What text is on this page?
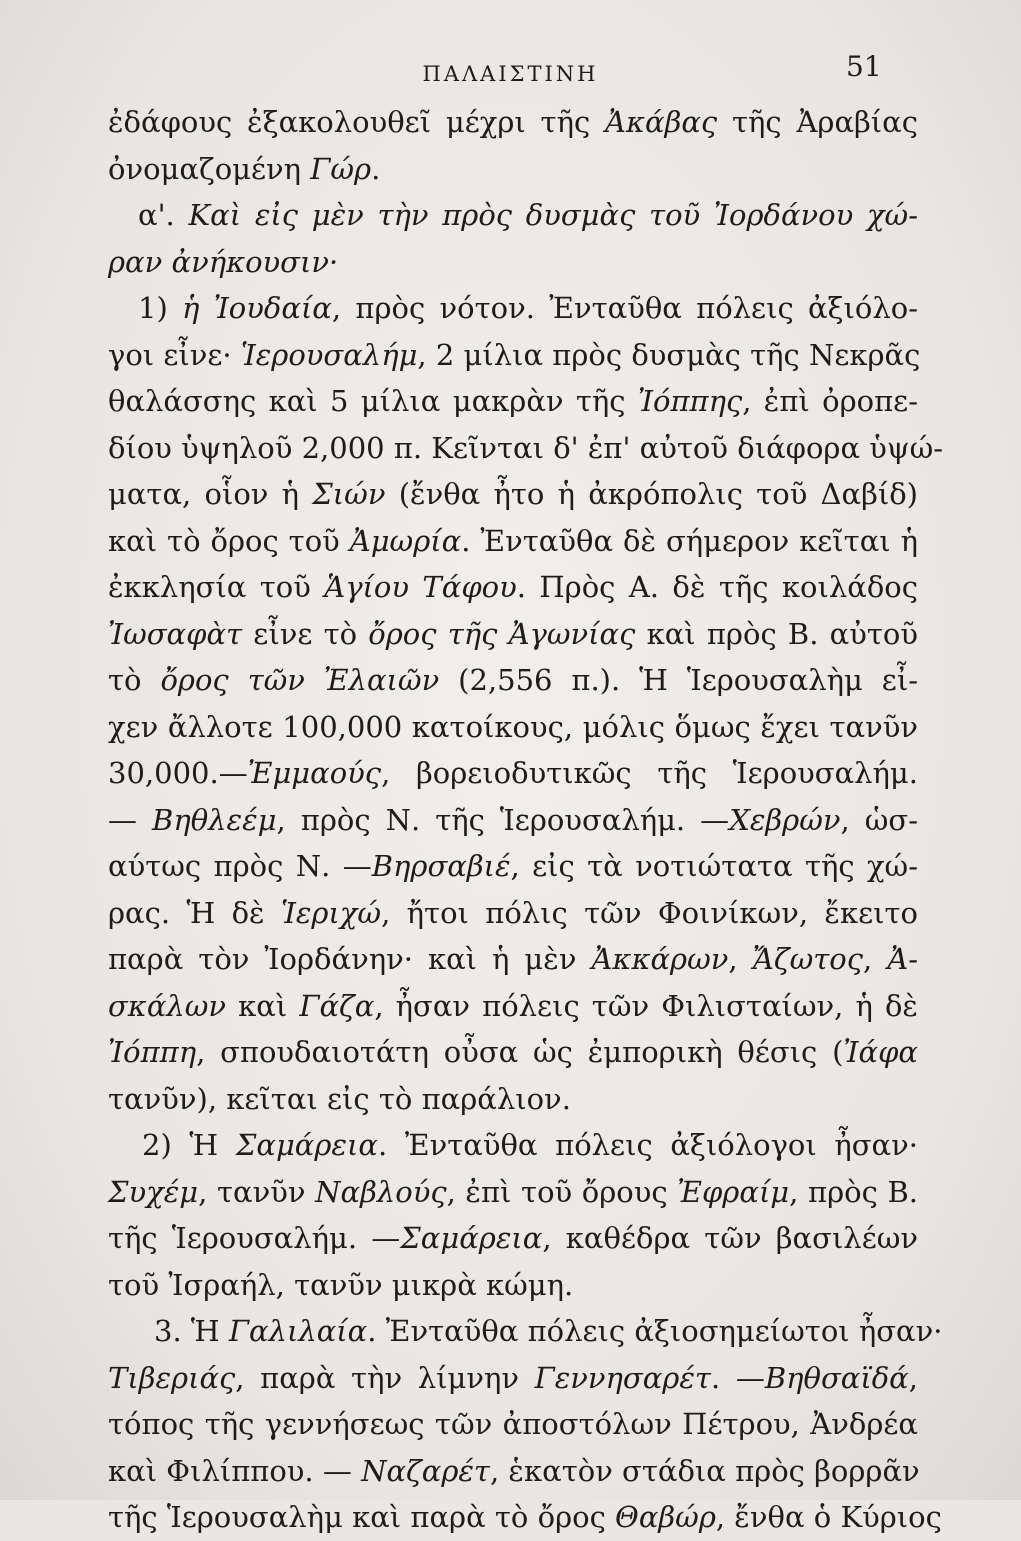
ΠΑΛΑΙΣΤΙΝΗ	51
ἐδάφους ἐξακολουθεῖ μέχρι τῆς Ἀκάβας τῆς Ἀραβίας
ὀνομαζομένη Γώρ.
α'. Καὶ εἰς μὲν τὴν πρὸς δυσμὰς τοῦ Ἰορδάνου χώ-
ραν ἀνήκουσιν·
1) ἡ Ἰουδαία, πρὸς νότον. Ἐνταῦθα πόλεις ἀξιόλο-
γοι εἶνε· Ἱερουσαλήμ, 2 μίλια πρὸς δυσμὰς τῆς Νεκρᾶς
θαλάσσης καὶ 5 μίλια μακρὰν τῆς Ἰόππης, ἐπὶ ὀροπε-
δίου ὑψηλοῦ 2,000 π. Κεῖνται δ' ἐπ' αὐτοῦ διάφορα ὑψώ-
ματα, οἷον ἡ Σιών (ἔνθα ἦτο ἡ ἀκρόπολις τοῦ Δαβίδ)
καὶ τὸ ὄρος τοῦ Ἀμωρία. Ἐνταῦθα δὲ σήμερον κεῖται ἡ
ἐκκλησία τοῦ Ἁγίου Τάφου. Πρὸς Α. δὲ τῆς κοιλάδος
Ἰωσαφὰτ εἶνε τὸ ὄρος τῆς Ἀγωνίας καὶ πρὸς Β. αὐτοῦ
τὸ ὄρος τῶν Ἐλαιῶν (2,556 π.). Ἡ Ἱερουσαλὴμ εἶ-
χεν ἄλλοτε 100,000 κατοίκους, μόλις ὅμως ἔχει τανῦν
30,000.—Ἐμμαούς, βορειοδυτικῶς τῆς Ἱερουσαλήμ.
— Βηθλεέμ, πρὸς Ν. τῆς Ἱερουσαλήμ. —Χεβρών, ὡσ-
αύτως πρὸς Ν. —Βηρσαβιέ, εἰς τὰ νοτιώτατα τῆς χώ-
ρας. Ἡ δὲ Ἱεριχώ, ἤτοι πόλις τῶν Φοινίκων, ἔκειτο
παρὰ τὸν Ἰορδάνην· καὶ ἡ μὲν Ἀκκάρων, Ἄζωτος, Ἀ-
σκάλων καὶ Γάζα, ἦσαν πόλεις τῶν Φιλισταίων, ἡ δὲ
Ἰόππη, σπουδαιοτάτη οὖσα ὡς ἐμπορικὴ θέσις (Ἰάφα
τανῦν), κεῖται εἰς τὸ παράλιον.
2) Ἡ Σαμάρεια. Ἐνταῦθα πόλεις ἀξιόλογοι ἦσαν·
Συχέμ, τανῦν Ναβλούς, ἐπὶ τοῦ ὄρους Ἐφραίμ, πρὸς Β.
τῆς Ἱερουσαλήμ. —Σαμάρεια, καθέδρα τῶν βασιλέων
τοῦ Ἰσραήλ, τανῦν μικρὰ κώμη.
3. Ἡ Γαλιλαία. Ἐνταῦθα πόλεις ἀξιοσημείωτοι ἦσαν·
Τιβεριάς, παρὰ τὴν λίμνην Γεννησαρέτ. —Βηθσαϊδά,
τόπος τῆς γεννήσεως τῶν ἀποστόλων Πέτρου, Ἀνδρέα
καὶ Φιλίππου. — Ναζαρέτ, ἑκατὸν στάδια πρὸς βορρᾶν
τῆς Ἱερουσαλὴμ καὶ παρὰ τὸ ὄρος Θαβώρ, ἔνθα ὁ Κύριος
